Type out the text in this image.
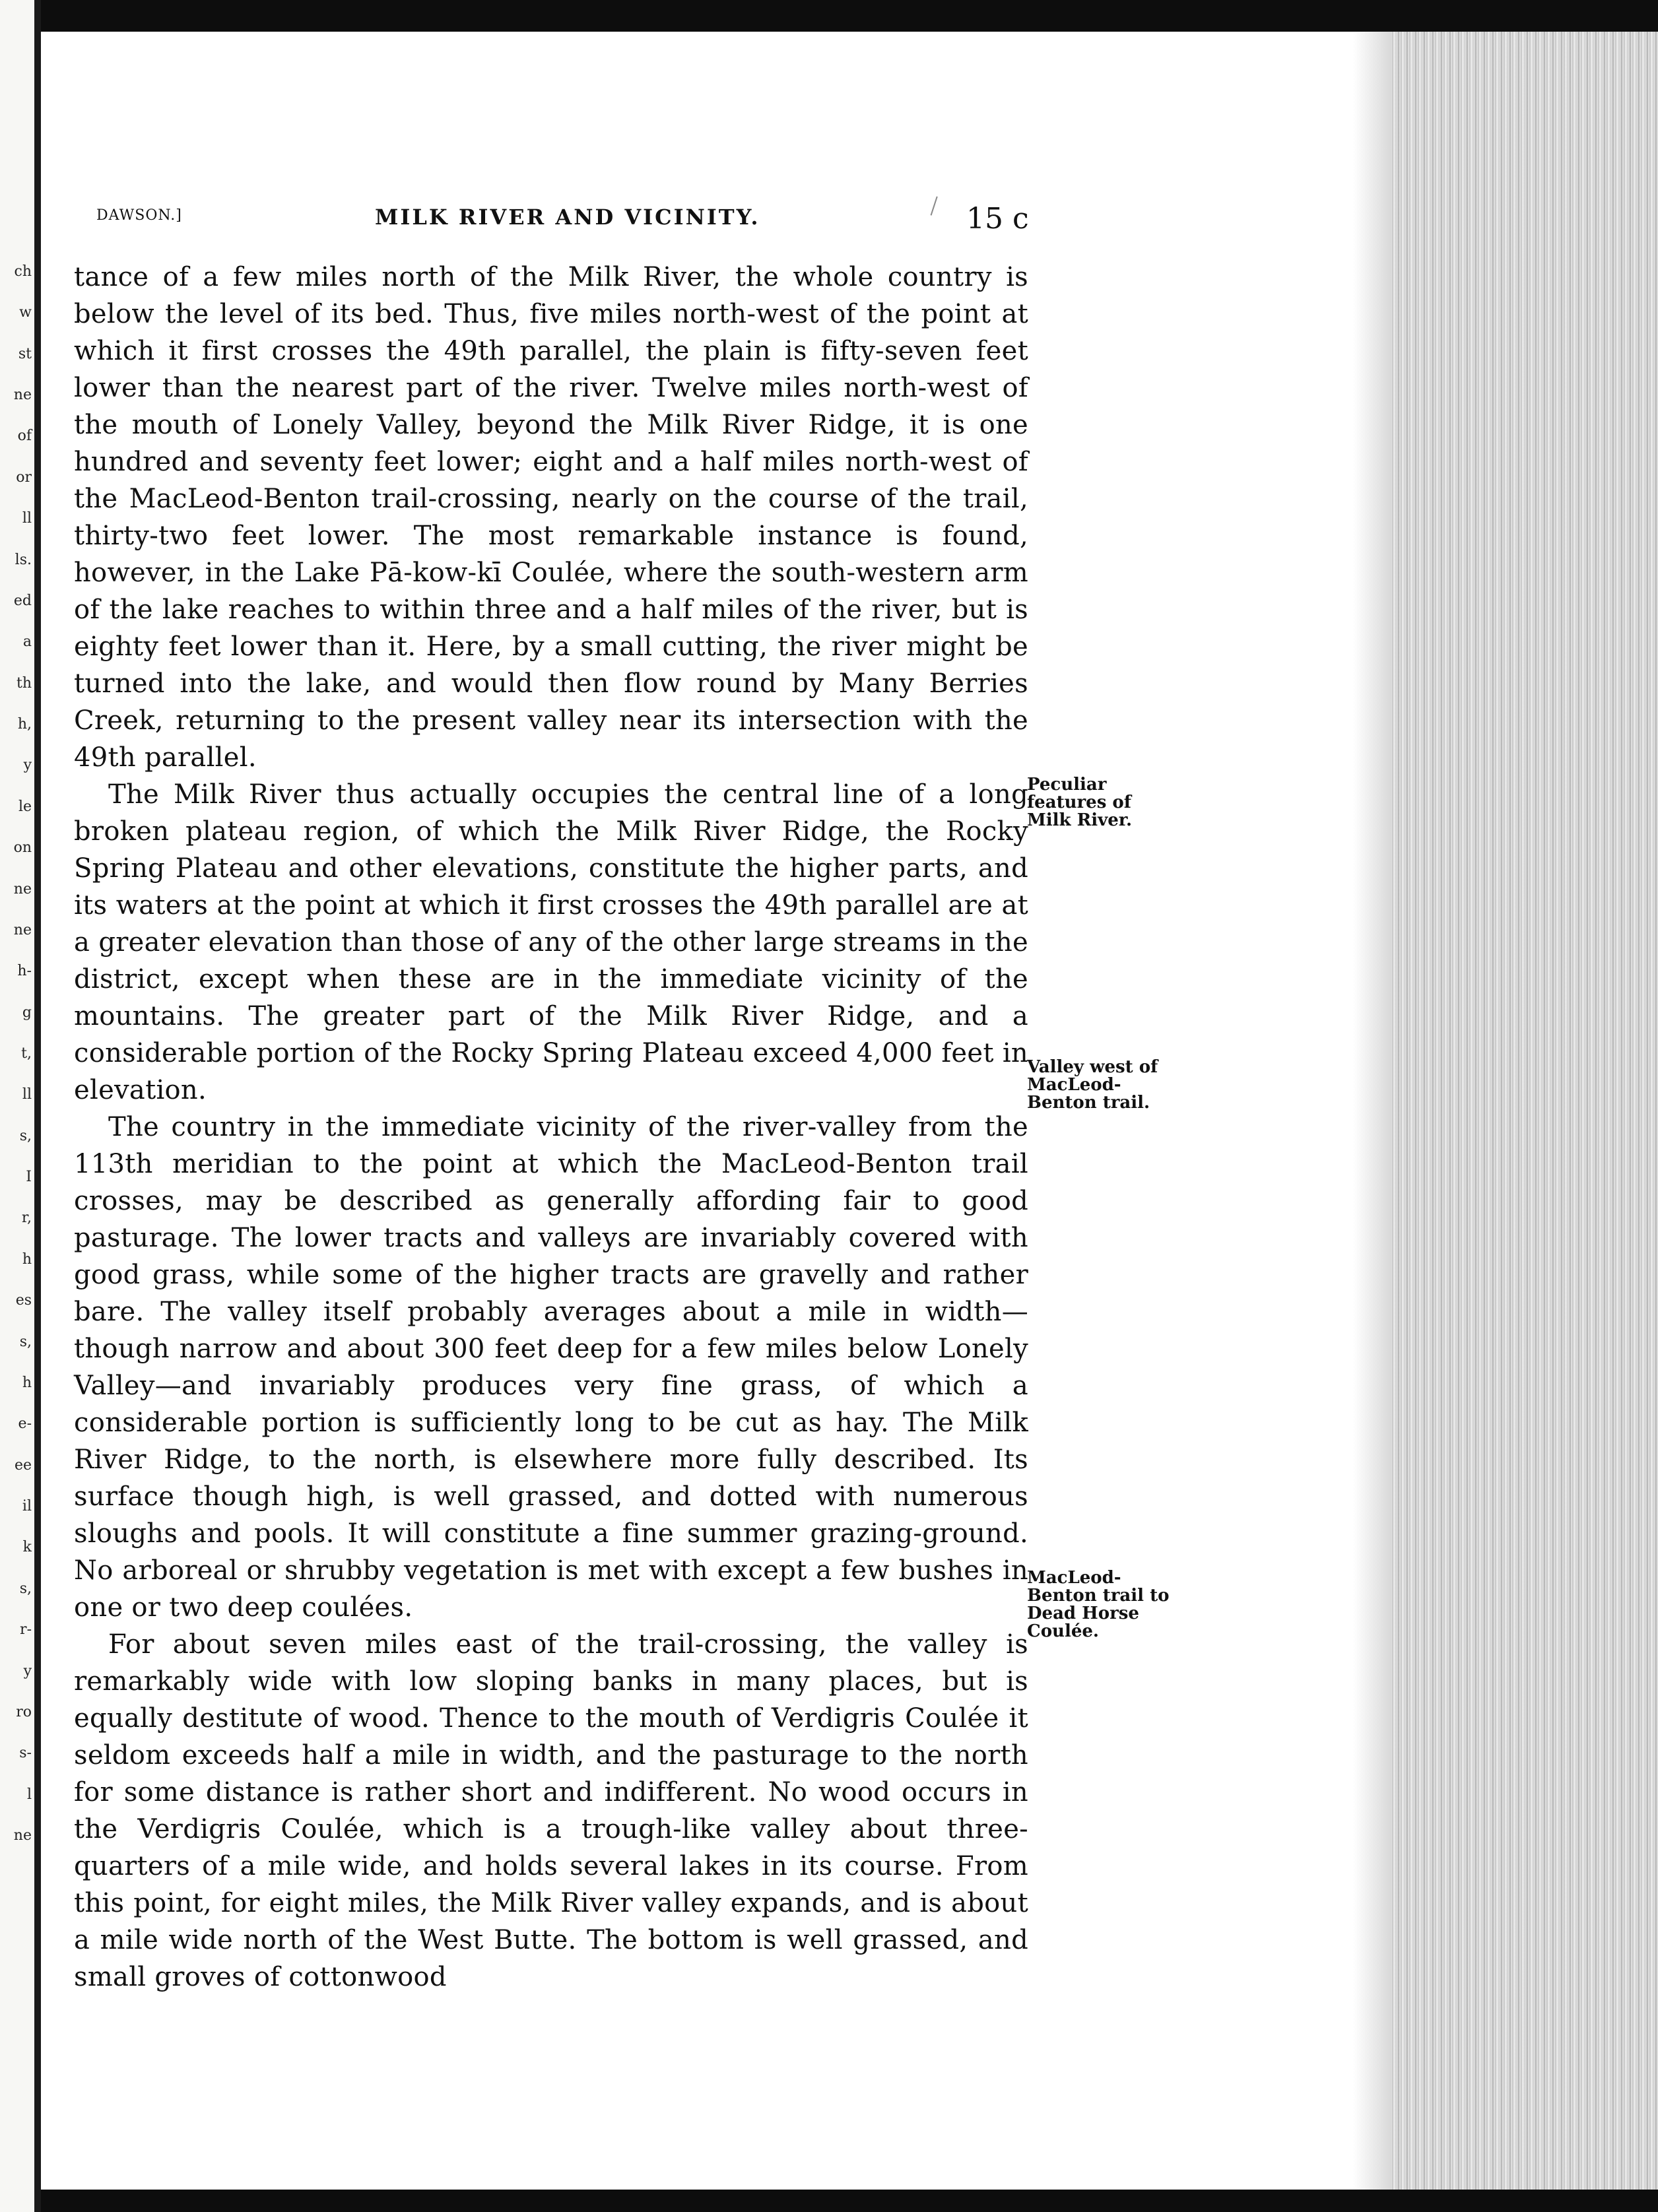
ch
w
st
ne
of
or
ll
ls.
ed
a
th
h,
y
le
on
ne
ne
h-
g
t,
ll
s,
I
r,
h
es
s,
h
e-
ee
il
k
s,
r-
y
ro
s-
l
ne
DAWSON.]	MILK RIVER AND VICINITY.	15 c

tance of a few miles north of the Milk River, the whole country is below the level of its bed. Thus, five miles north-west of the point at which it first crosses the 49th parallel, the plain is fifty-seven feet lower than the nearest part of the river. Twelve miles north-west of the mouth of Lonely Valley, beyond the Milk River Ridge, it is one hundred and seventy feet lower; eight and a half miles north-west of the MacLeod-Benton trail-crossing, nearly on the course of the trail, thirty-two feet lower. The most remarkable instance is found, however, in the Lake Pā-kow-kī Coulée, where the south-western arm of the lake reaches to within three and a half miles of the river, but is eighty feet lower than it. Here, by a small cutting, the river might be turned into the lake, and would then flow round by Many Berries Creek, returning to the present valley near its intersection with the 49th parallel.

The Milk River thus actually occupies the central line of a long broken plateau region, of which the Milk River Ridge, the Rocky Spring Plateau and other elevations, constitute the higher parts, and its waters at the point at which it first crosses the 49th parallel are at a greater elevation than those of any of the other large streams in the district, except when these are in the immediate vicinity of the mountains. The greater part of the Milk River Ridge, and a considerable portion of the Rocky Spring Plateau exceed 4,000 feet in elevation.

The country in the immediate vicinity of the river-valley from the 113th meridian to the point at which the MacLeod-Benton trail crosses, may be described as generally affording fair to good pasturage. The lower tracts and valleys are invariably covered with good grass, while some of the higher tracts are gravelly and rather bare. The valley itself probably averages about a mile in width—though narrow and about 300 feet deep for a few miles below Lonely Valley—and invariably produces very fine grass, of which a considerable portion is sufficiently long to be cut as hay. The Milk River Ridge, to the north, is elsewhere more fully described. Its surface though high, is well grassed, and dotted with numerous sloughs and pools. It will constitute a fine summer grazing-ground. No arboreal or shrubby vegetation is met with except a few bushes in one or two deep coulées.

For about seven miles east of the trail-crossing, the valley is remarkably wide with low sloping banks in many places, but is equally destitute of wood. Thence to the mouth of Verdigris Coulée it seldom exceeds half a mile in width, and the pasturage to the north for some distance is rather short and indifferent. No wood occurs in the Verdigris Coulée, which is a trough-like valley about three-quarters of a mile wide, and holds several lakes in its course. From this point, for eight miles, the Milk River valley expands, and is about a mile wide north of the West Butte. The bottom is well grassed, and small groves of cottonwood

Peculiar
features of
Milk River.
Valley west of
MacLeod-
Benton trail.
MacLeod-
Benton trail to
Dead Horse
Coulée.
